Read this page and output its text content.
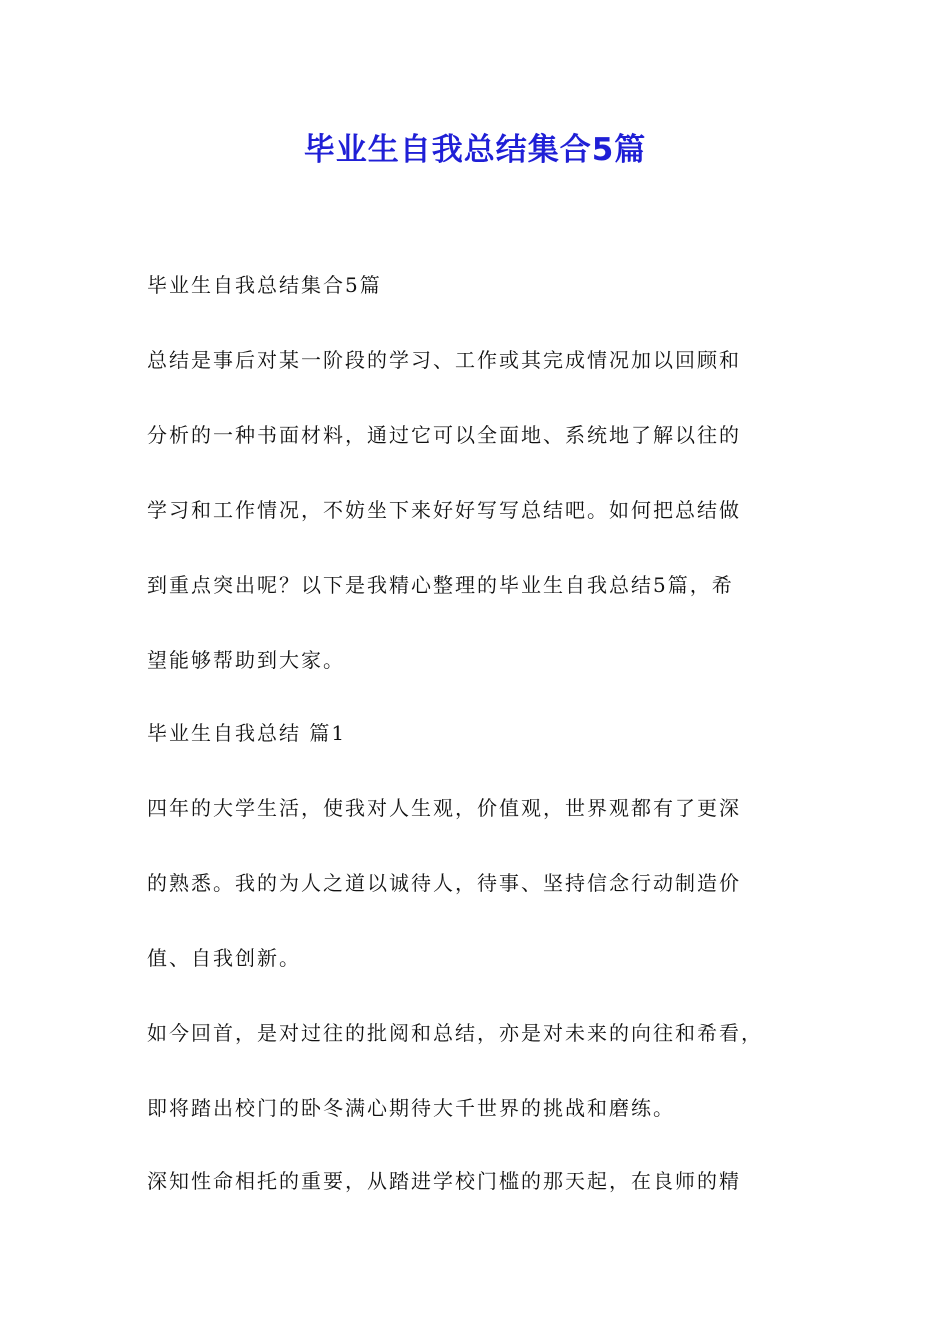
毕业生自我总结集合5篇

毕业生自我总结集合5篇

总结是事后对某一阶段的学习、工作或其完成情况加以回顾和

分析的一种书面材料，通过它可以全面地、系统地了解以往的

学习和工作情况，不妨坐下来好好写写总结吧。如何把总结做

到重点突出呢？以下是我精心整理的毕业生自我总结5篇，希

望能够帮助到大家。

毕业生自我总结 篇1

四年的大学生活，使我对人生观，价值观，世界观都有了更深

的熟悉。我的为人之道以诚待人，待事、坚持信念行动制造价

值、自我创新。

如今回首，是对过往的批阅和总结，亦是对未来的向往和希看，

即将踏出校门的卧冬满心期待大千世界的挑战和磨练。

深知性命相托的重要，从踏进学校门槛的那天起，在良师的精
